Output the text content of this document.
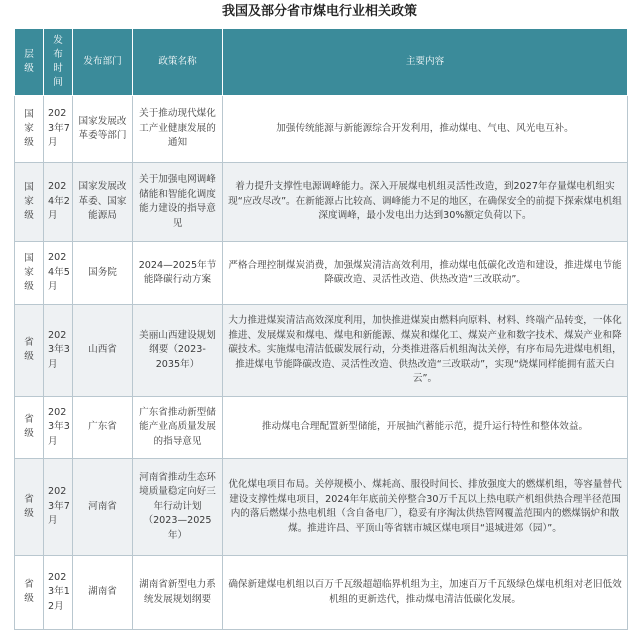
我国及部分省市煤电行业相关政策
层级	发布时间	发布部门	政策名称	主要内容
国家级	2023年7月	国家发展改革委等部门	关于推动现代煤化工产业健康发展的通知	加强传统能源与新能源综合开发利用，推动煤电、气电、风光电互补。
国家级	2024年2月	国家发展改革委、国家能源局	关于加强电网调峰储能和智能化调度能力建设的指导意见	着力提升支撑性电源调峰能力。深入开展煤电机组灵活性改造，到2027年存量煤电机组实现“应改尽改”。在新能源占比较高、调峰能力不足的地区，在确保安全的前提下探索煤电机组深度调峰，最小发电出力达到30%额定负荷以下。
国家级	2024年5月	国务院	2024—2025年节能降碳行动方案	严格合理控制煤炭消费，加强煤炭清洁高效利用，推动煤电低碳化改造和建设，推进煤电节能降碳改造、灵活性改造、供热改造“三改联动”。
省级	2023年3月	山西省	美丽山西建设规划纲要（2023-2035年）	大力推进煤炭清洁高效深度利用，加快推进煤炭由燃料向原料、材料、终端产品转变，一体化推进、发展煤炭和煤电、煤电和新能源、煤炭和煤化工、煤炭产业和数字技术、煤炭产业和降碳技术。实施煤电清洁低碳发展行动，分类推进落后机组淘汰关停，有序布局先进煤电机组，推进煤电节能降碳改造、灵活性改造、供热改造“三改联动”，实现“烧煤同样能拥有蓝天白云”。
省级	2023年3月	广东省	广东省推动新型储能产业高质量发展的指导意见	推动煤电合理配置新型储能，开展抽汽蓄能示范，提升运行特性和整体效益。
省级	2023年7月	河南省	河南省推动生态环境质量稳定向好三年行动计划（2023—2025年）	优化煤电项目布局。关停规模小、煤耗高、服役时间长、排放强度大的燃煤机组，等容量替代建设支撑性煤电项目，2024年年底前关停整合30万千瓦以上热电联产机组供热合理半径范围内的落后燃煤小热电机组（含自备电厂），稳妥有序淘汰供热管网覆盖范围内的燃煤锅炉和散煤。推进许昌、平顶山等省辖市城区煤电项目“退城进郊（园）”。
省级	2023年12月	湖南省	湖南省新型电力系统发展规划纲要	确保新建煤电机组以百万千瓦级超超临界机组为主，加速百万千瓦级绿色煤电机组对老旧低效机组的更新迭代，推动煤电清洁低碳化发展。
